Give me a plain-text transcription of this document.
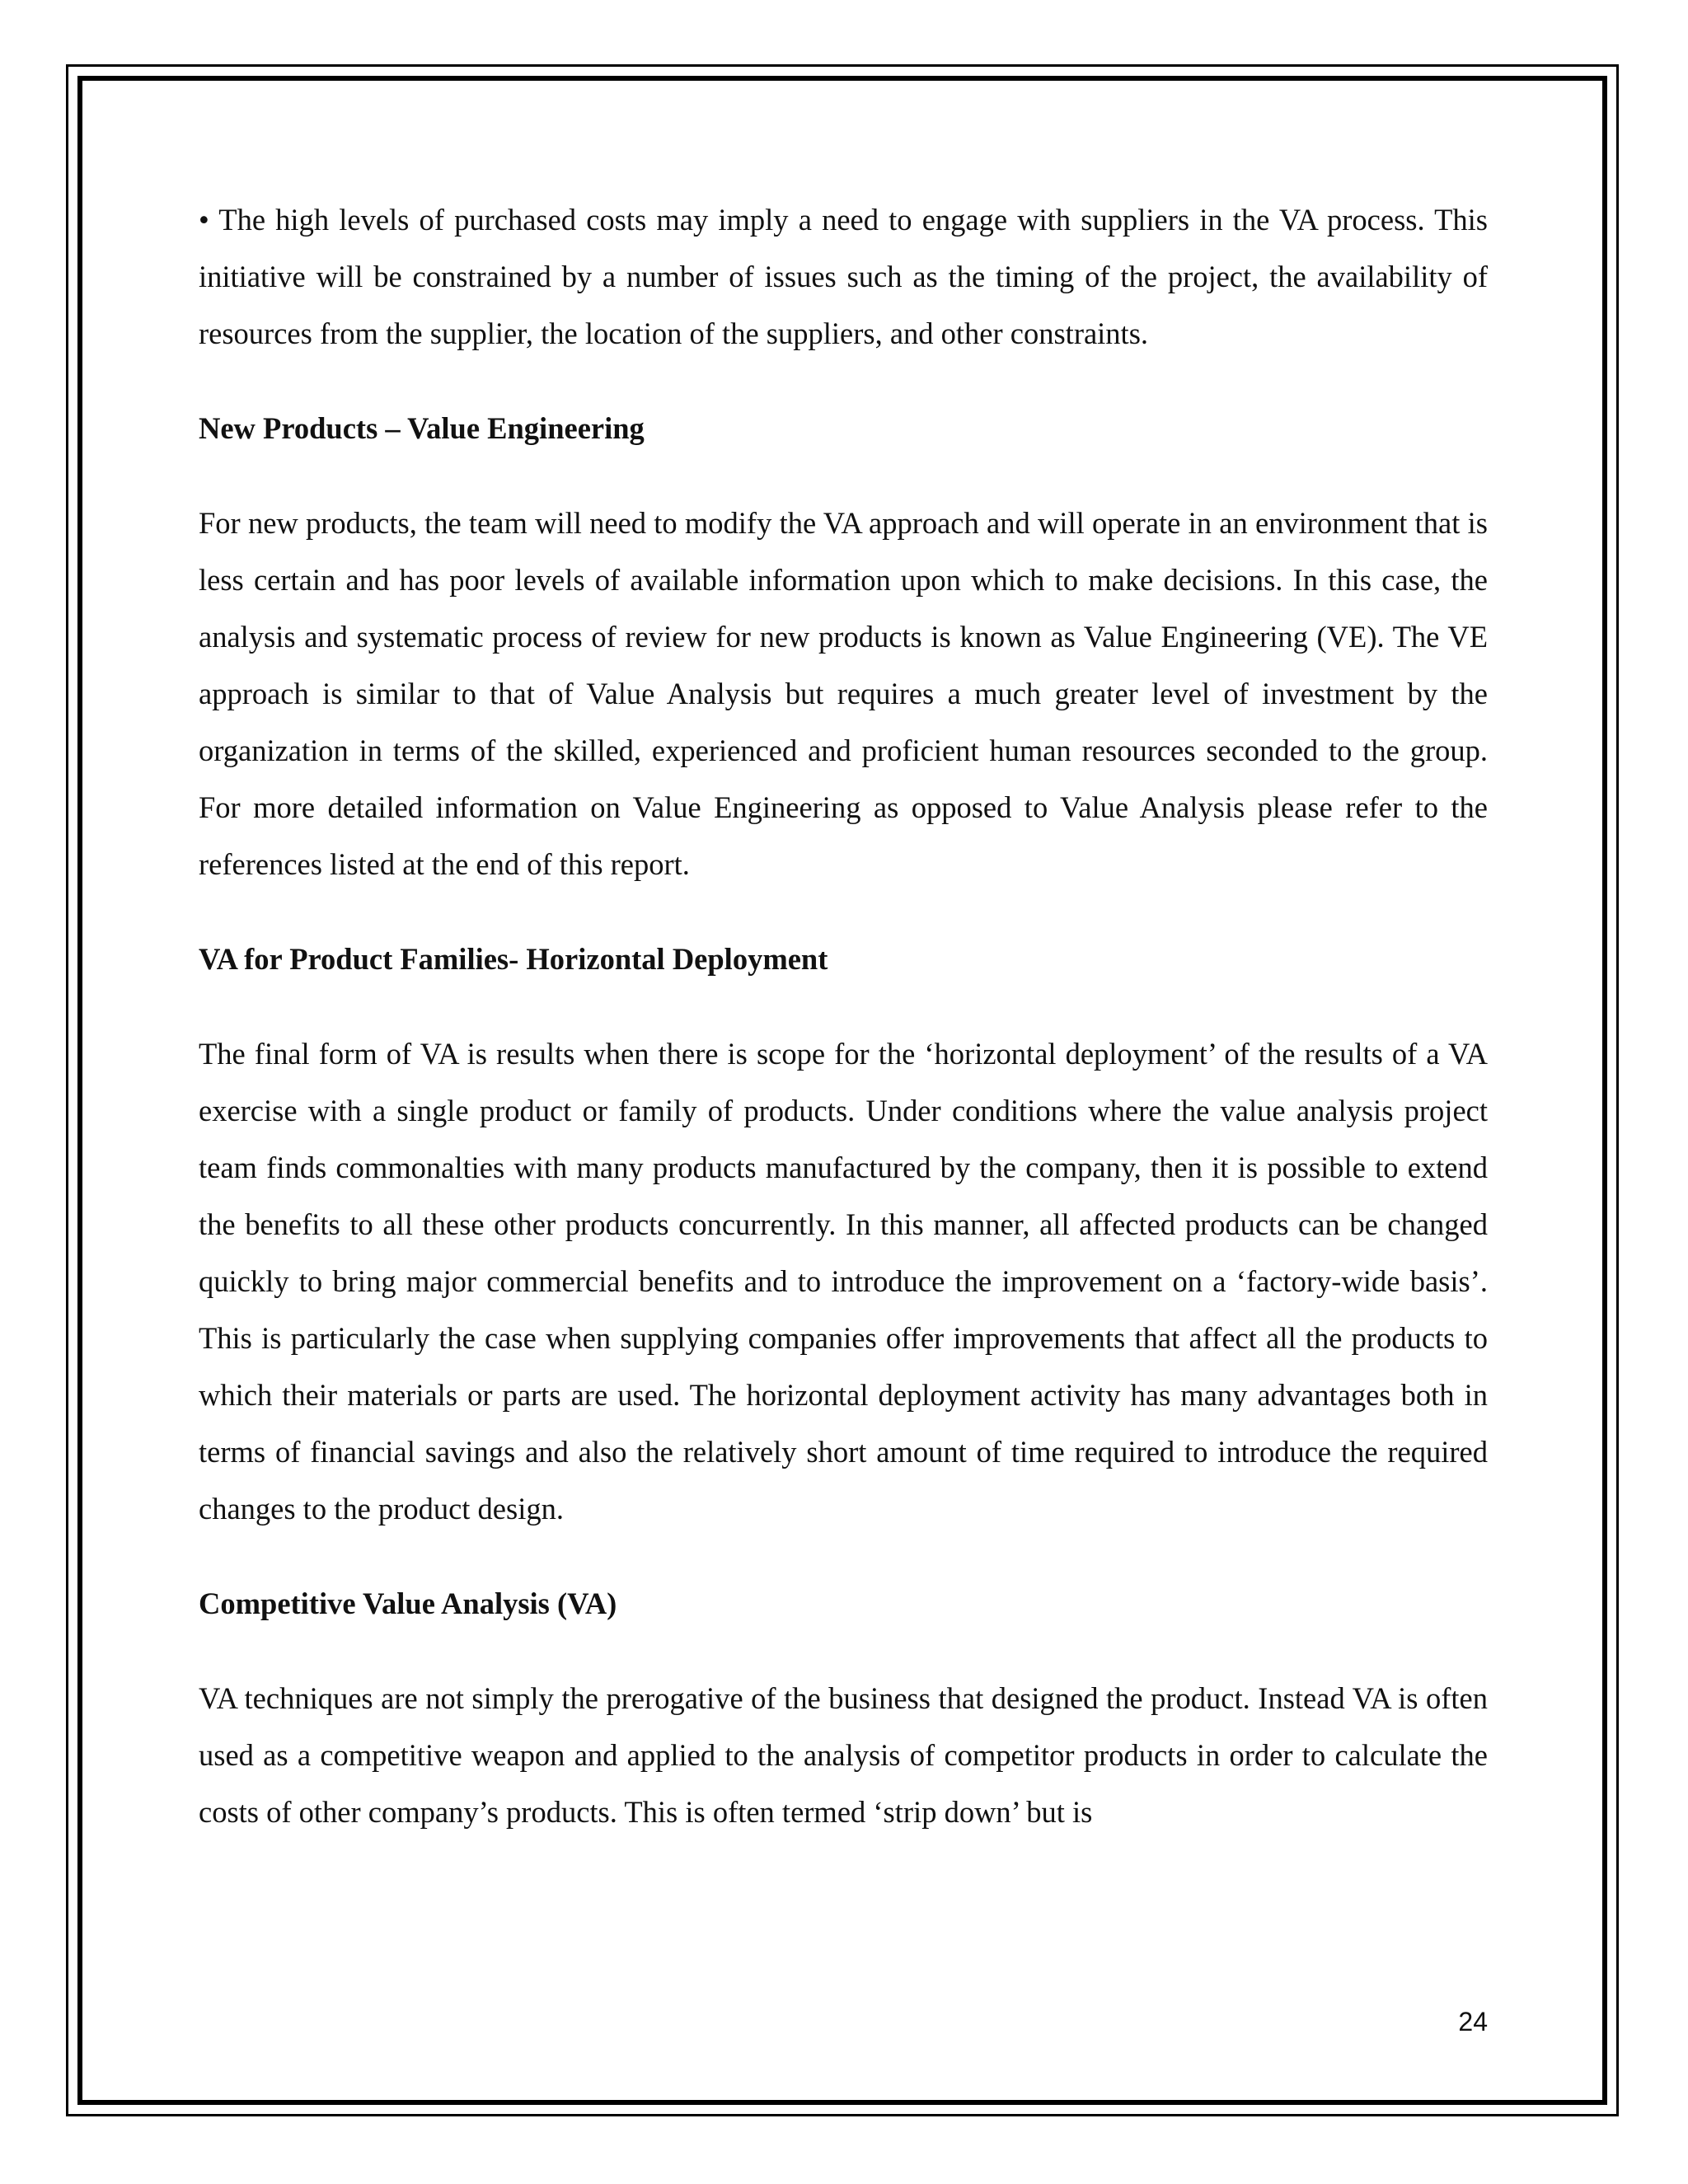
• The high levels of purchased costs may imply a need to engage with suppliers in the VA process. This initiative will be constrained by a number of issues such as the timing of the project, the availability of resources from the supplier, the location of the suppliers, and other constraints.

New Products – Value Engineering

For new products, the team will need to modify the VA approach and will operate in an environment that is less certain and has poor levels of available information upon which to make decisions. In this case, the analysis and systematic process of review for new products is known as Value Engineering (VE). The VE approach is similar to that of Value Analysis but requires a much greater level of investment by the organization in terms of the skilled, experienced and proficient human resources seconded to the group. For more detailed information on Value Engineering as opposed to Value Analysis please refer to the references listed at the end of this report.

VA for Product Families- Horizontal Deployment

The final form of VA is results when there is scope for the ‘horizontal deployment’ of the results of a VA exercise with a single product or family of products. Under conditions where the value analysis project team finds commonalties with many products manufactured by the company, then it is possible to extend the benefits to all these other products concurrently. In this manner, all affected products can be changed quickly to bring major commercial benefits and to introduce the improvement on a ‘factory-wide basis’. This is particularly the case when supplying companies offer improvements that affect all the products to which their materials or parts are used. The horizontal deployment activity has many advantages both in terms of financial savings and also the relatively short amount of time required to introduce the required changes to the product design.

Competitive Value Analysis (VA)

VA techniques are not simply the prerogative of the business that designed the product. Instead VA is often used as a competitive weapon and applied to the analysis of competitor products in order to calculate the costs of other company’s products. This is often termed ‘strip down’ but is

24
